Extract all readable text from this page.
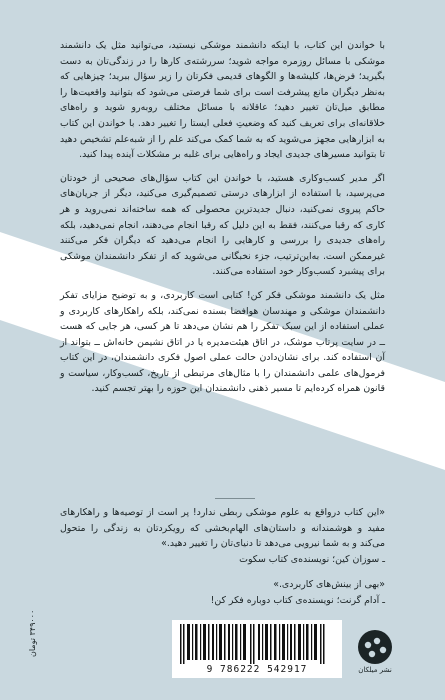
با خواندن این کتاب، با اینکه دانشمند موشکی نیستید، می‌توانید مثل یک دانشمند موشکی با مسائل روزمره مواجه شوید؛ سررشته‌ی کارها را در زندگی‌تان به دست بگیرید؛ فرض‌ها، کلیشه‌ها و الگوهای قدیمی فکرتان را زیر سؤال ببرید؛ چیزهایی که به‌نظر دیگران مانع پیشرفت است برای شما فرصتی می‌شود که بتوانید واقعیت‌ها را مطابق میل‌تان تغییر دهید؛ عاقلانه با مسائل مختلف روبه‌رو شوید و راه‌های خلاقانه‌ای برای تعریف کنید که وضعیتِ فعلی ایستا را تغییر دهد. با خواندن این کتاب به ابزارهایی مجهز می‌شوید که به شما کمک می‌کند علم را از شبه‌علم تشخیص دهید تا بتوانید مسیرهای جدیدی ایجاد و راه‌هایی برای غلبه بر مشکلات آینده پیدا کنید.

اگر مدیر کسب‌وکاری هستید، با خواندن این کتاب سؤال‌های صحیحی از خودتان می‌پرسید، با استفاده از ابزارهای درستی تصمیم‌گیری می‌کنید، دیگر از جریان‌های حاکم پیروی نمی‌کنید، دنبال جدیدترین محصولی که همه ساخته‌اند نمی‌روید و هر کاری که رقبا می‌کنند، فقط به این دلیل که رقبا انجام می‌دهند، انجام نمی‌دهید، بلکه راه‌های جدیدی را بررسی و کارهایی را انجام می‌دهید که دیگران فکر می‌کنند غیرممکن است. به‌این‌ترتیب، جزء نخبگانی می‌شوید که از تفکر دانشمندان موشکی برای پیشبرد کسب‌وکار خود استفاده می‌کنند.

مثل یک دانشمند موشکی فکر کن! کتابی است کاربردی، و به توضیح مزایای تفکر دانشمندان موشکی و مهندسان هوافضا بسنده نمی‌کند، بلکه راهکارهای کاربردی و عملی استفاده از این سبک تفکر را هم نشان می‌دهد تا هر کسی، هر جایی که هست ــ در سایت پرتاب موشک، در اتاق هیئت‌مدیره یا در اتاق نشیمن خانه‌اش ــ بتواند از آن استفاده کند. برای نشان‌دادن حالت عملی اصول فکری دانشمندان، در این کتاب فرمول‌های علمی دانشمندان را با مثال‌های مرتبطی از تاریخ، کسب‌وکار، سیاست و قانون همراه کرده‌ایم تا مسیر ذهنی دانشمندان این حوزه را بهتر تجسم کنید.

«این کتاب درواقع به علوم موشکی ربطی ندارد! پر است از توصیه‌ها و راهکارهای مفید و هوشمندانه و داستان‌های الهام‌بخشی که رویکردتان به زندگی را متحول می‌کند و به شما نیرویی می‌دهد تا دنیای‌تان را تغییر دهید.»

ـ سوزان کین؛ نویسنده‌ی کتاب سکوت

«بهی از بینش‌های کاربردی.»

ـ آدام گرنت؛ نویسنده‌ی کتاب دوباره فکر کن!

۳۴۹۰۰۰ تومان
9 786222 542917	نشر میلکان
